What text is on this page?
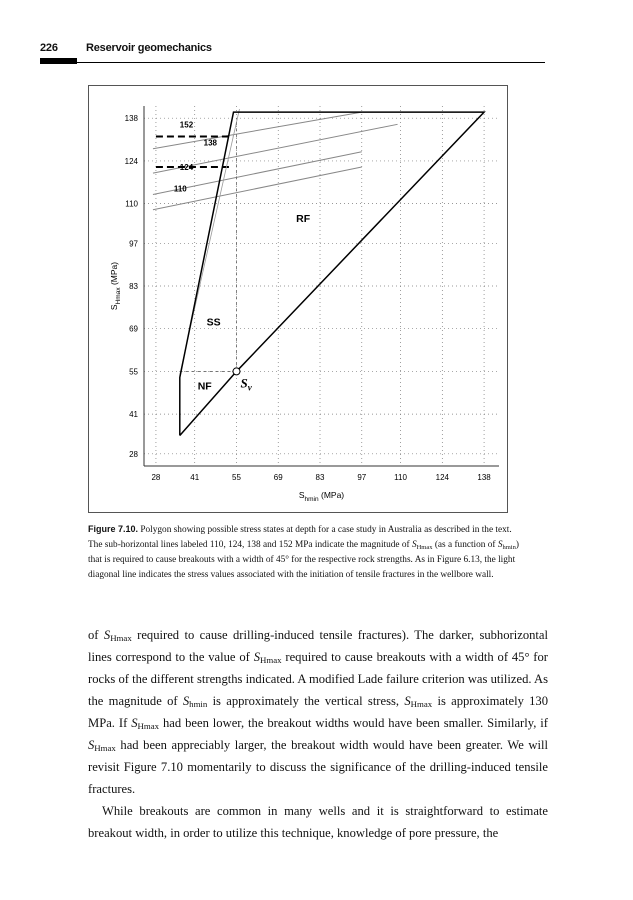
226	Reservoir geomechanics
28	41	55	69	83	97	110	124	138
28
41
55
69
83
97
110
124
138
$S_{hmin}$ (MPa)
$S_{Hmax}$ (MPa)
152
138
124
110
RF
SS
NF $S_v$
Figure 7.10. Polygon showing possible stress states at depth for a case study in Australia as described in the text. The sub-horizontal lines labeled 110, 124, 138 and 152 MPa indicate the magnitude of $S_{Hmax}$ (as a function of $S_{hmin}$) that is required to cause breakouts with a width of 45° for the respective rock strengths. As in Figure 6.13, the light diagonal line indicates the stress values associated with the initiation of tensile fractures in the wellbore wall.

of $S_{Hmax}$ required to cause drilling-induced tensile fractures). The darker, subhorizontal lines correspond to the value of $S_{Hmax}$ required to cause breakouts with a width of 45° for rocks of the different strengths indicated. A modified Lade failure criterion was utilized. As the magnitude of $S_{hmin}$ is approximately the vertical stress, $S_{Hmax}$ is approximately 130 MPa. If $S_{Hmax}$ had been lower, the breakout widths would have been smaller. Similarly, if $S_{Hmax}$ had been appreciably larger, the breakout width would have been greater. We will revisit Figure 7.10 momentarily to discuss the significance of the drilling-induced tensile fractures.

While breakouts are common in many wells and it is straightforward to estimate breakout width, in order to utilize this technique, knowledge of pore pressure, the
